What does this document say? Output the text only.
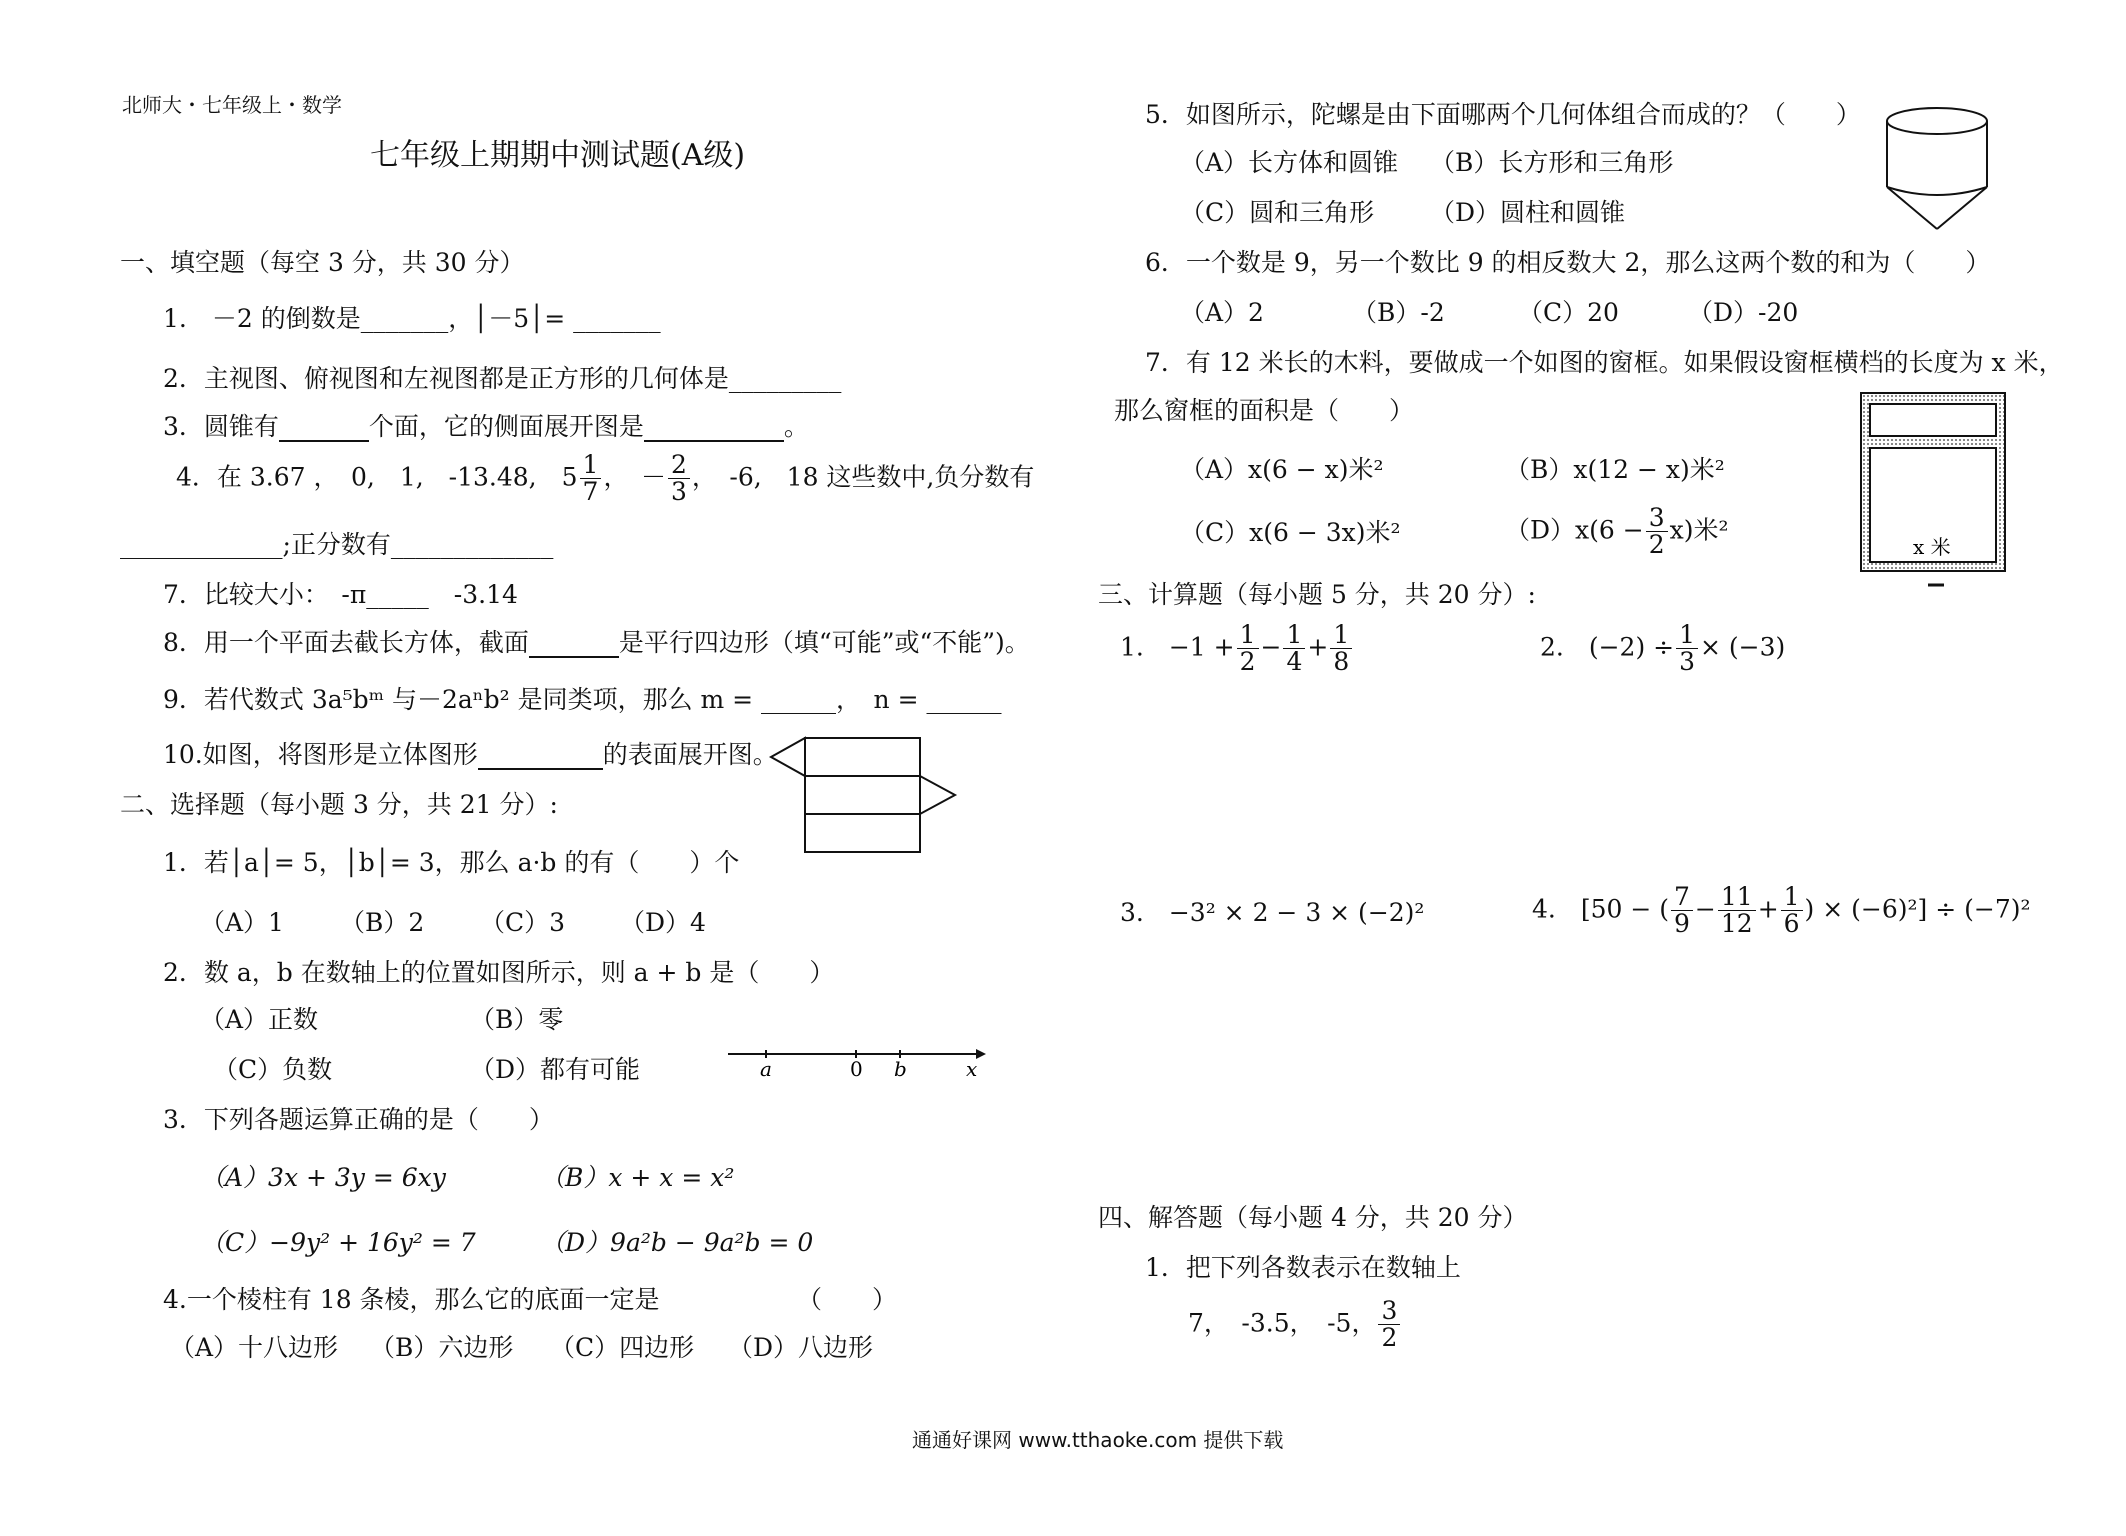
北师大・七年级上・数学
七年级上期期中测试题(A级)
一、填空题（每空 3 分，共 30 分）
1.　－2 的倒数是_______，│－5│= _______
2．主视图、俯视图和左视图都是正方形的几何体是_________
3．圆锥有	个面，它的侧面展开图是	。
4．在 3.67 ，　0,　1,　-13.48,　$5 \frac{1}{7}$ ，　－ $\frac{2}{3}$ ，　-6,　18 这些数中,负分数有
_____________;正分数有_____________
7．比较大小：　-π_____　-3.14
8．用一个平面去截长方体，截面	是平行四边形（填“可能”或“不能”)。
9．若代数式 3a⁵bᵐ 与－2aⁿb² 是同类项，那么 m = ______，　n = ______
10.如图，将图形是立体图形	的表面展开图。
二、选择题（每小题 3 分，共 21 分）:
1．若│a│= 5，│b│= 3，那么 a·b 的有（　　）个
（A）1 （B）2 （C）3 （D）4
2．数 a，b 在数轴上的位置如图所示，则 a + b 是（　　）
（A）正数	（B）零
（C）负数	（D）都有可能	a	0 b	x
3．下列各题运算正确的是（　　）
（A）3x + 3y = 6xy	（B）x + x = x²
（C）−9y² + 16y² = 7	（D）9a²b − 9a²b = 0
4.一个棱柱有 18 条棱，那么它的底面一定是　　　　　　（　　）
（A）十八边形 （B）六边形 （C）四边形 （D）八边形
5．如图所示，陀螺是由下面哪两个几何体组合而成的？（　　）
（A）长方体和圆锥 （B）长方形和三角形
（C）圆和三角形 （D）圆柱和圆锥
6．一个数是 9，另一个数比 9 的相反数大 2，那么这两个数的和为（　　）
（A）2	（B）-2	（C）20	（D）-20
7．有 12 米长的木料，要做成一个如图的窗框。如果假设窗框横档的长度为 x 米，
那么窗框的面积是（　　）
（A）x(6 − x)米²	（B）x(12 − x)米²
（C）x(6 − 3x)米²	$(D)x(6 - \frac{3}{2} x)$米²
x 米
三、计算题（每小题 5 分，共 20 分）:
1.　$-1 + \frac{1}{2} - \frac{1}{4} + \frac{1}{8}$	2.　$(-2) \div \frac{1}{3} \times (-3)$
3.　−3² × 2 − 3 × (−2)²	4.　[50 − ( $\frac{7}{9} - \frac{11}{12} + \frac{1}{6}$ ) × (−6)²] ÷ (−7)²
四、解答题（每小题 4 分，共 20 分）
1．把下列各数表示在数轴上
7，　-3.5，　-5， $\frac{3}{2}$
通通好课网 www.tthaoke.com 提供下载
